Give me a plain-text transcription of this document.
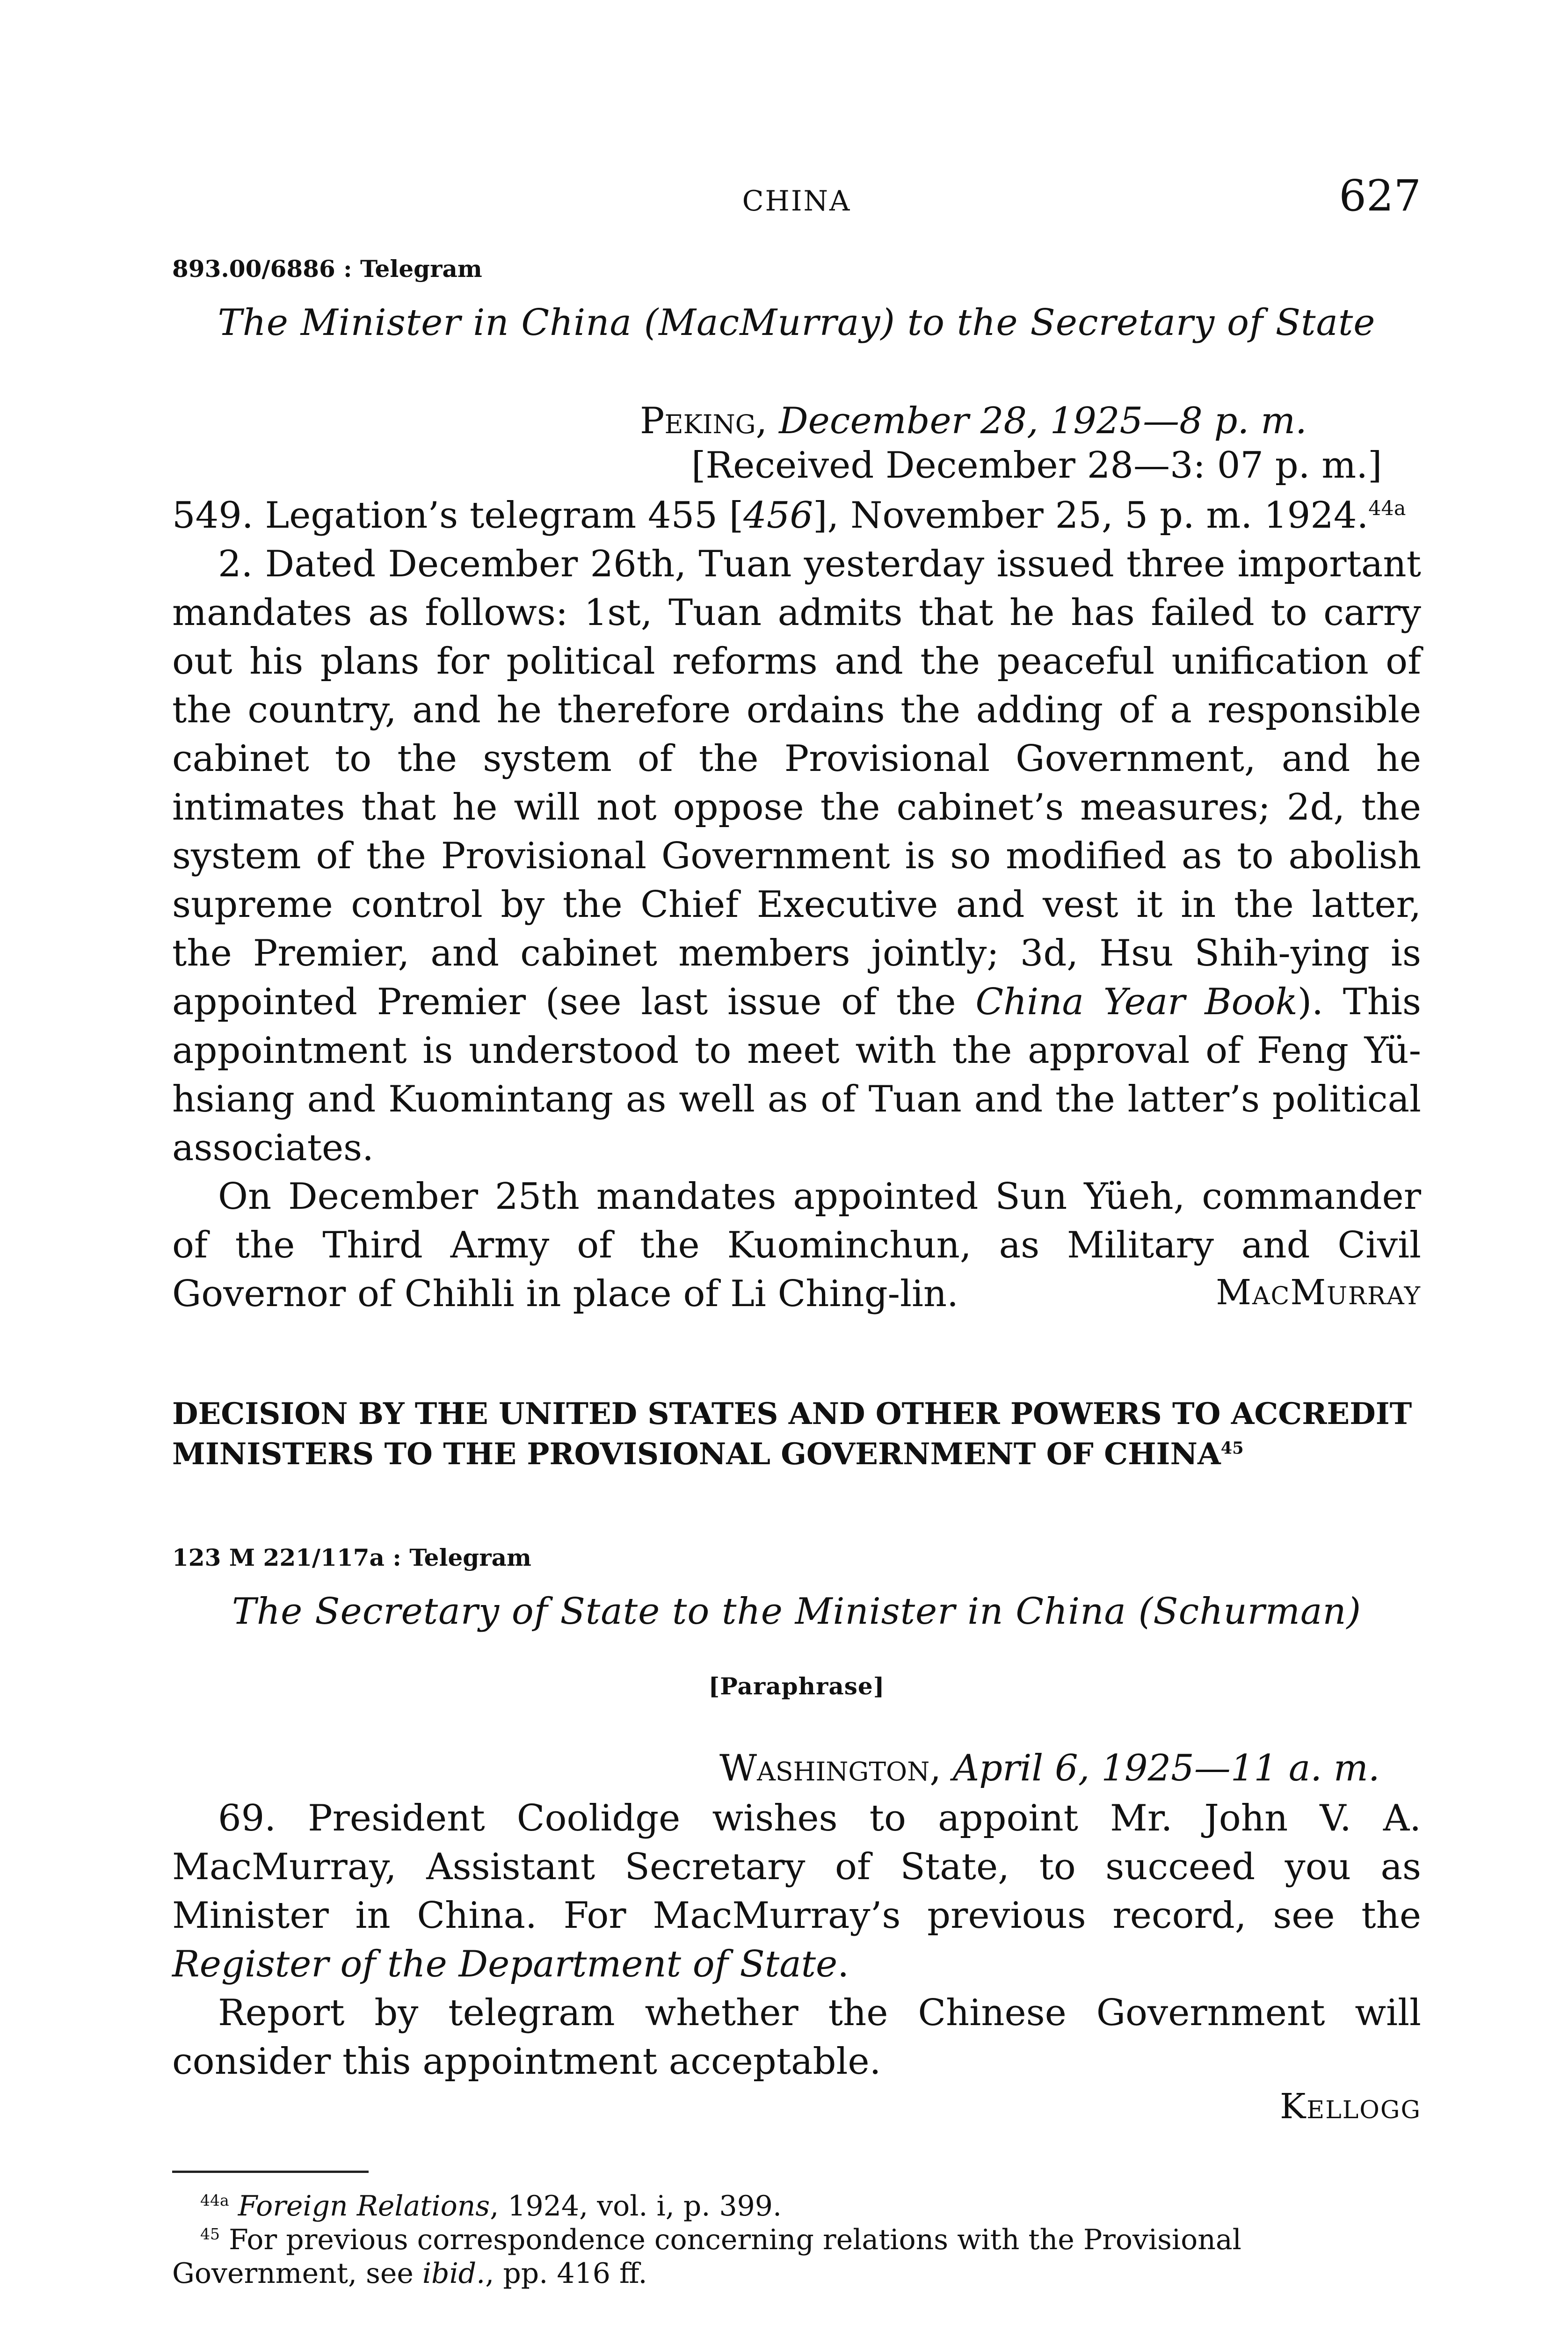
CHINA	627
893.00/6886 : Telegram
The Minister in China (MacMurray) to the Secretary of State
Peking, December 28, 1925—8 p. m.
[Received December 28—3: 07 p. m.]

549. Legation’s telegram 455 [456], November 25, 5 p. m. 1924.$^{44a}$

2. Dated December 26th, Tuan yesterday issued three important mandates as follows: 1st, Tuan admits that he has failed to carry out his plans for political reforms and the peaceful unification of the country, and he therefore ordains the adding of a responsible cabinet to the system of the Provisional Government, and he intimates that he will not oppose the cabinet’s measures; 2d, the system of the Provisional Government is so modified as to abolish supreme control by the Chief Executive and vest it in the latter, the Premier, and cabinet members jointly; 3d, Hsu Shih-ying is appointed Premier (see last issue of the China Year Book). This appointment is understood to meet with the approval of Feng Yü-hsiang and Kuomintang as well as of Tuan and the latter’s political associates.

On December 25th mandates appointed Sun Yüeh, commander of the Third Army of the Kuominchun, as Military and Civil Governor of Chihli in place of Li Ching-lin.	MacMurray
DECISION BY THE UNITED STATES AND OTHER POWERS TO ACCREDIT MINISTERS TO THE PROVISIONAL GOVERNMENT OF CHINA$^{45}$
123 M 221/117a : Telegram
The Secretary of State to the Minister in China (Schurman)
[Paraphrase]
Washington, April 6, 1925—11 a. m.

69. President Coolidge wishes to appoint Mr. John V. A. MacMurray, Assistant Secretary of State, to succeed you as Minister in China. For MacMurray’s previous record, see the Register of the Department of State.

Report by telegram whether the Chinese Government will consider this appointment acceptable.

Kellogg

$^{44a}$ Foreign Relations, 1924, vol. i, p. 399.

$^{45}$ For previous correspondence concerning relations with the Provisional Government, see ibid., pp. 416 ff.
